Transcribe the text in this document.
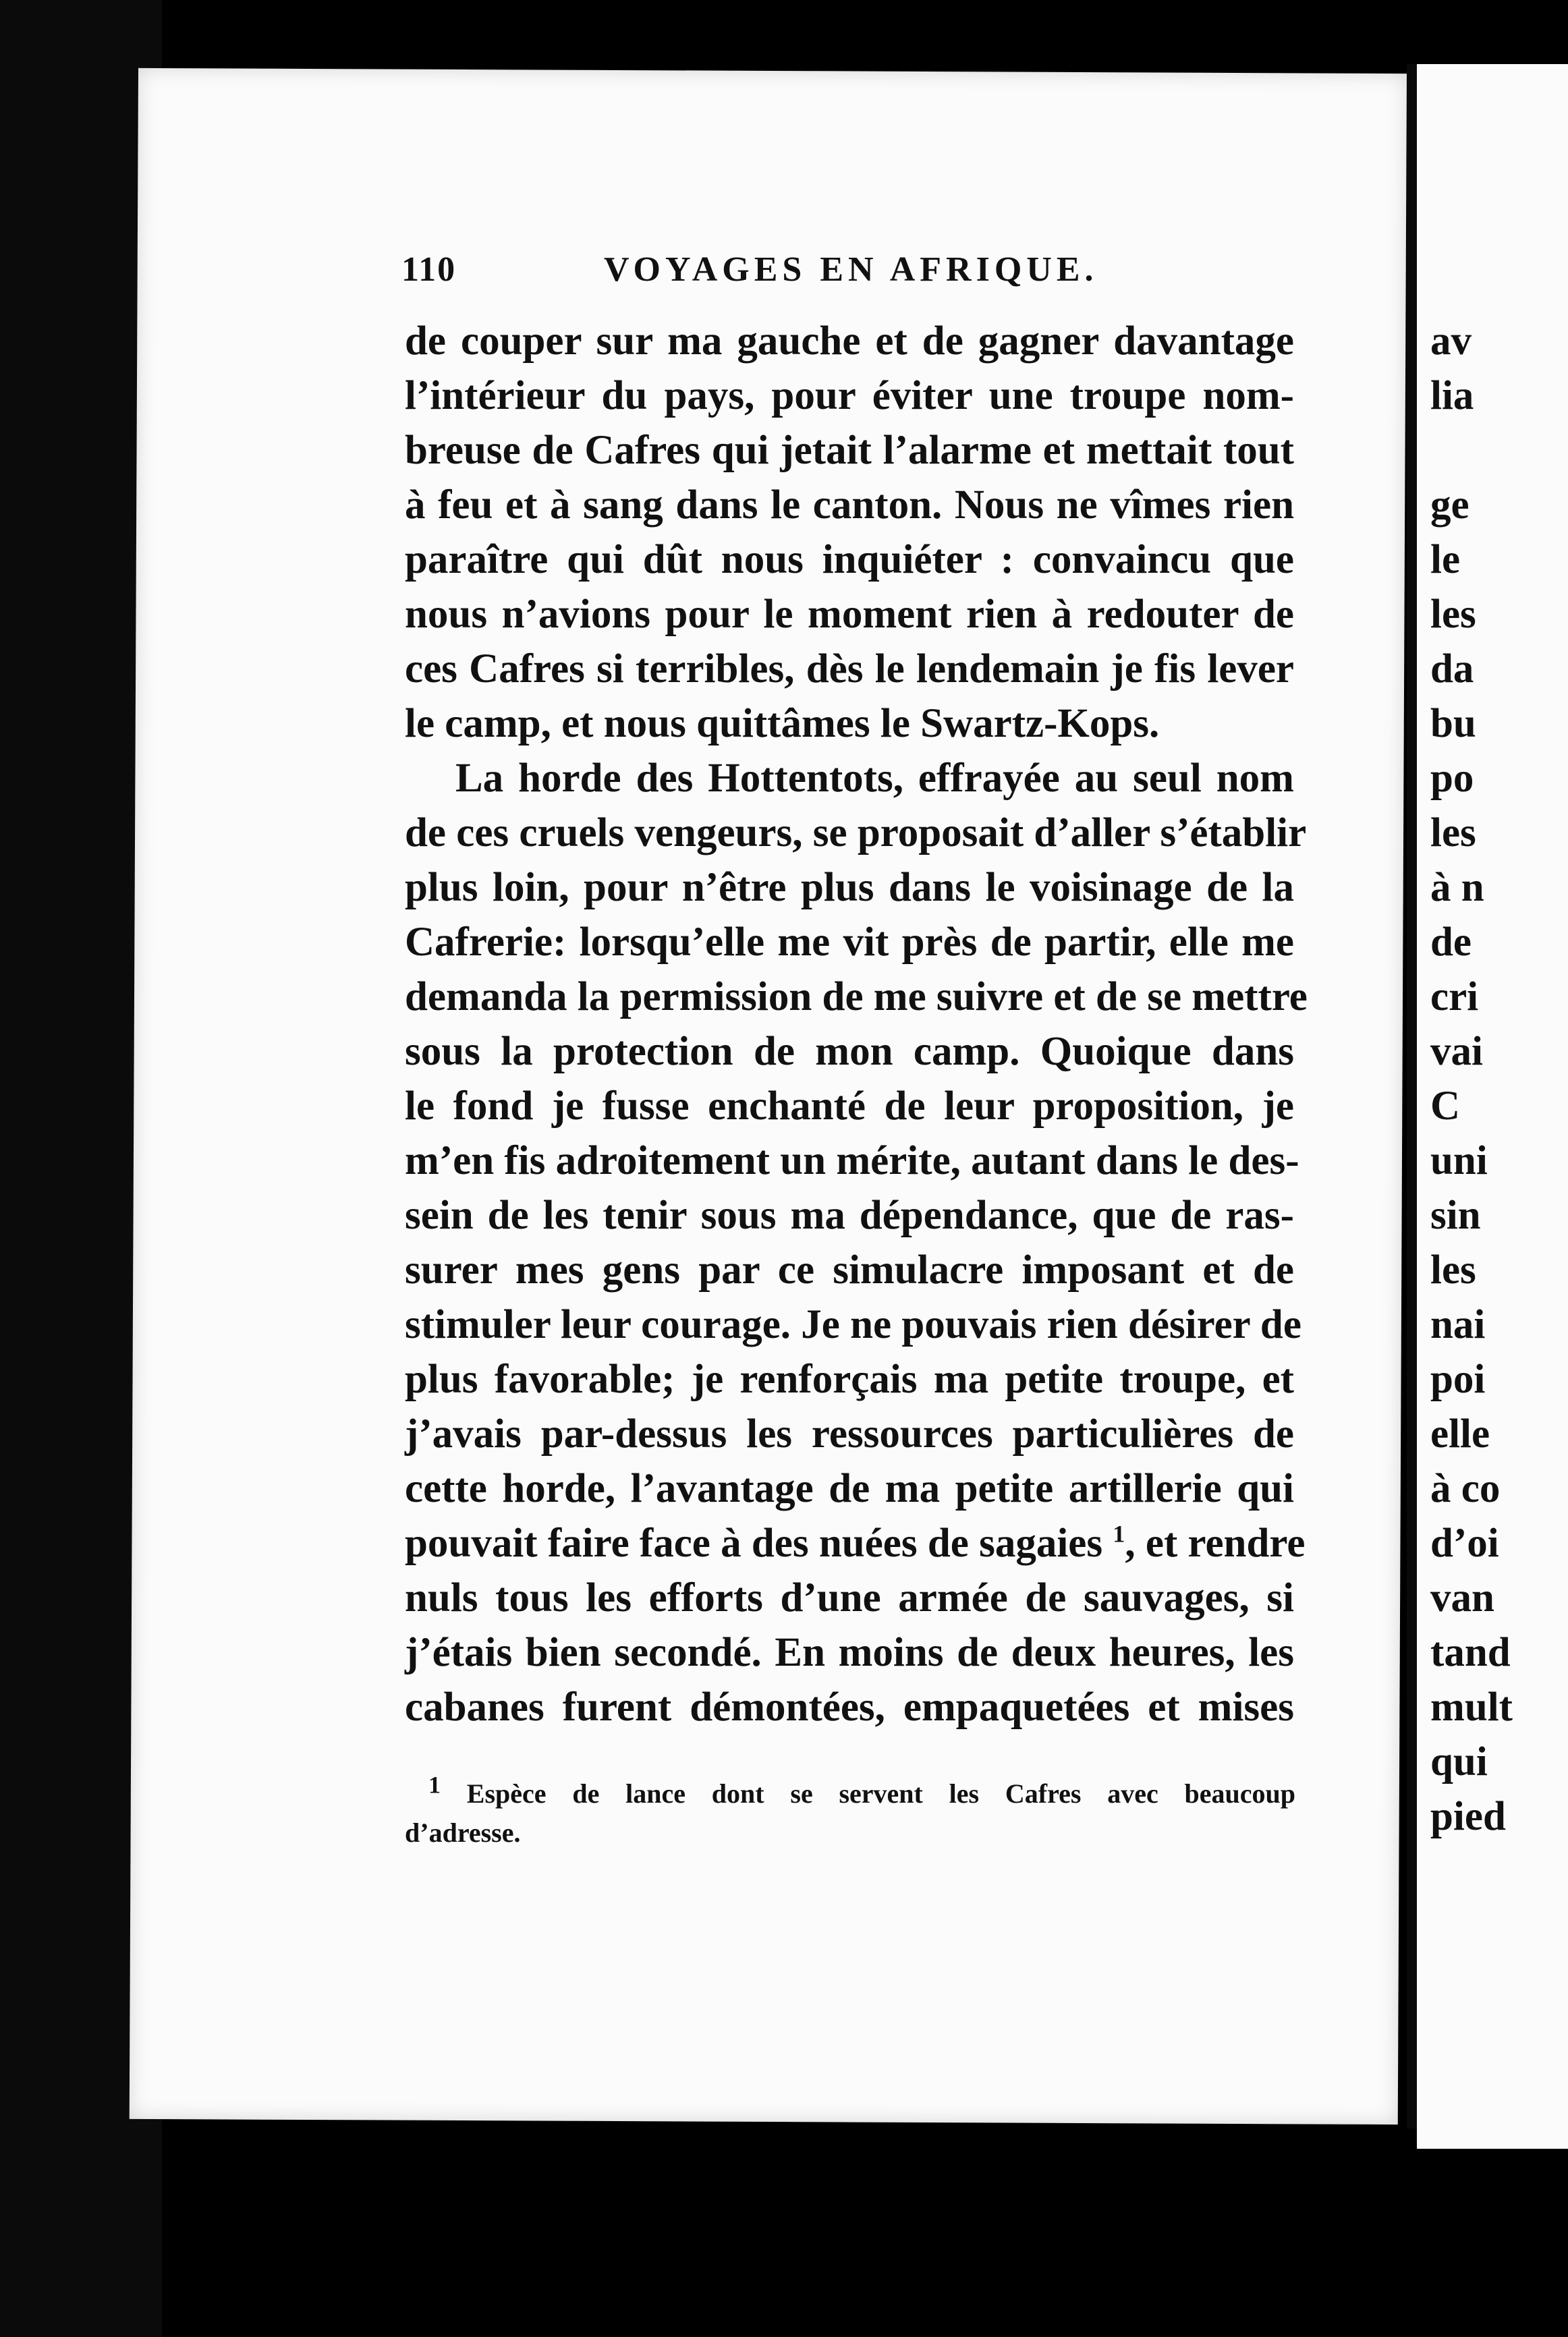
av
lia
ge
le
les
da
bu
po
les
à n
de
cri
vai
C
uni
sin
les
nai
poi
elle
à co
d’oi
van
tand
mult
qui
pied
110	VOYAGES EN AFRIQUE.
de couper sur ma gauche et de gagner davantage
l’intérieur du pays, pour éviter une troupe nom-
breuse de Cafres qui jetait l’alarme et mettait tout
à feu et à sang dans le canton. Nous ne vîmes rien
paraître qui dût nous inquiéter : convaincu que
nous n’avions pour le moment rien à redouter de
ces Cafres si terribles, dès le lendemain je fis lever
le camp, et nous quittâmes le Swartz-Kops.
La horde des Hottentots, effrayée au seul nom
de ces cruels vengeurs, se proposait d’aller s’établir
plus loin, pour n’être plus dans le voisinage de la
Cafrerie: lorsqu’elle me vit près de partir, elle me
demanda la permission de me suivre et de se mettre
sous la protection de mon camp. Quoique dans
le fond je fusse enchanté de leur proposition, je
m’en fis adroitement un mérite, autant dans le des-
sein de les tenir sous ma dépendance, que de ras-
surer mes gens par ce simulacre imposant et de
stimuler leur courage. Je ne pouvais rien désirer de
plus favorable; je renforçais ma petite troupe, et
j’avais par-dessus les ressources particulières de
cette horde, l’avantage de ma petite artillerie qui
pouvait faire face à des nuées de sagaies $^1$, et rendre
nuls tous les efforts d’une armée de sauvages, si
j’étais bien secondé. En moins de deux heures, les
cabanes furent démontées, empaquetées et mises
$^1$ Espèce de lance dont se servent les Cafres avec beaucoup
d’adresse.
